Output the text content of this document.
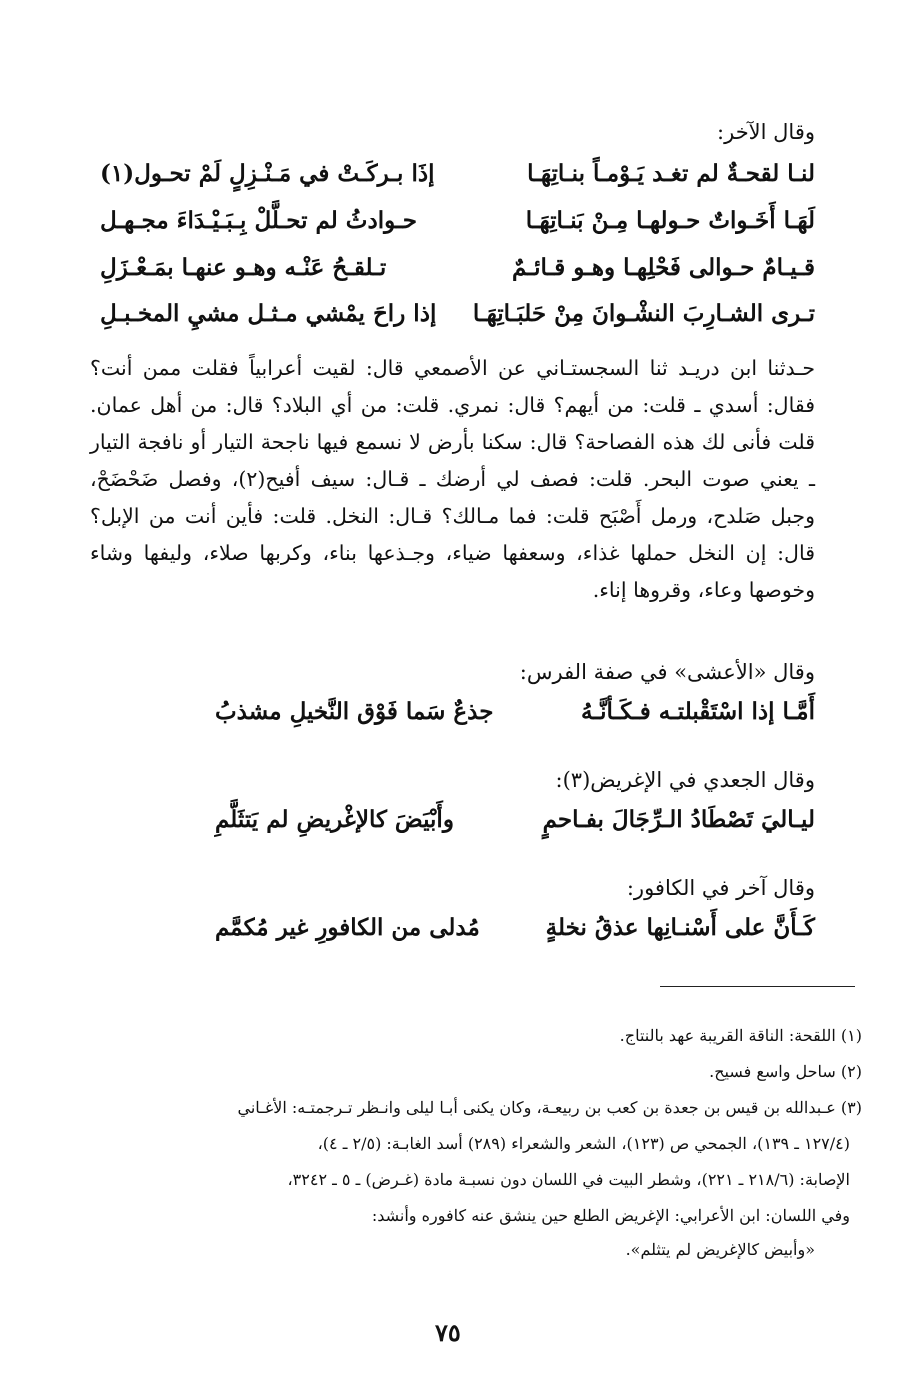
وقال الآخر:
لنـا لقحـةٌ لم تغـد يَـوْمـاً بنـاتِهَـا
إذَا بـركَـتْ في مَـنْـزِلٍ لَمْ تحـول(١)
لَهَـا أَخَـواتٌ حـولهـا مِـنْ بَنـاتِهَـا
حـوادثُ لم تحـلَّلْ بِـبَـيْـدَاءَ مجـهـل
قـيـامٌ حـوالى فَحْلِهـا وهـو قـائـمٌ
تـلقـحُ عَنْـه وهـو عنهـا بمَـعْـزَلِ
تـرى الشـارِبَ النشْـوانَ مِنْ حَلبَـاتِهَـا
إذا راحَ يمْشي مـثـل مشيِ المخـبـلِ

حـدثنا ابن دريـد ثنا السجستـاني عن الأصمعي قال: لقيت أعرابياً فقلت ممن أنت؟ فقال: أسدي ـ قلت: من أيهم؟ قال: نمري. قلت: من أي البلاد؟ قال: من أهل عمان. قلت فأنى لك هذه الفصاحة؟ قال: سكنا بأرض لا نسمع فيها ناجحة التيار أو نافجة التيار ـ يعني صوت البحر. قلت: فصف لي أرضك ـ قـال: سيف أفيح(٢)، وفصل ضَحْضَحْ، وجبل صَلدح، ورمل أَصْبَح قلت: فما مـالك؟ قـال: النخل. قلت: فأين أنت من الإبل؟ قال: إن النخل حملها غذاء، وسعفها ضياء، وجـذعها بناء، وكربها صلاء، وليفها وشاء وخوصها وعاء، وقروها إناء.

وقال «الأعشى» في صفة الفرس:
أَمَّـا إذا اسْتَقْبلتـه فـكَـأنَّـهُ
جذعٌ سَما فَوْق النَّخيلِ مشذبُ
وقال الجعدي في الإغريض(٣):
ليـاليَ تَصْطَادُ الـرِّجَالَ بفـاحمٍ
وأَبْيَضَ كالإغْريضِ لم يَتثَلَّمِ
وقال آخر في الكافور:
كَـأَنَّ على أَسْنـانِها عذقُ نخلةٍ
مُدلى من الكافورِ غير مُكمَّم
(١) اللقحة: الناقة القريبة عهد بالنتاج.
(٢) ساحل واسع فسيح.
(٣) عـبدالله بن قيس بن جعدة بن كعب بن ربيعـة، وكان يكنى أبـا ليلى وانـظر تـرجمتـه: الأغـاني
(١٢٧/٤ ـ ١٣٩)، الجمحي ص (١٢٣)، الشعر والشعراء (٢٨٩) أسد الغابـة: (٢/٥ ـ ٤)،
الإصابة: (٢١٨/٦ ـ ٢٢١)، وشطر البيت في اللسان دون نسبـة مادة (غـرض) ـ ٥ ـ ٣٢٤٢،
وفي اللسان: ابن الأعرابي: الإغريض الطلع حين ينشق عنه كافوره وأنشد:
«وأبيض كالإغريض لم يتثلم».
٧٥
